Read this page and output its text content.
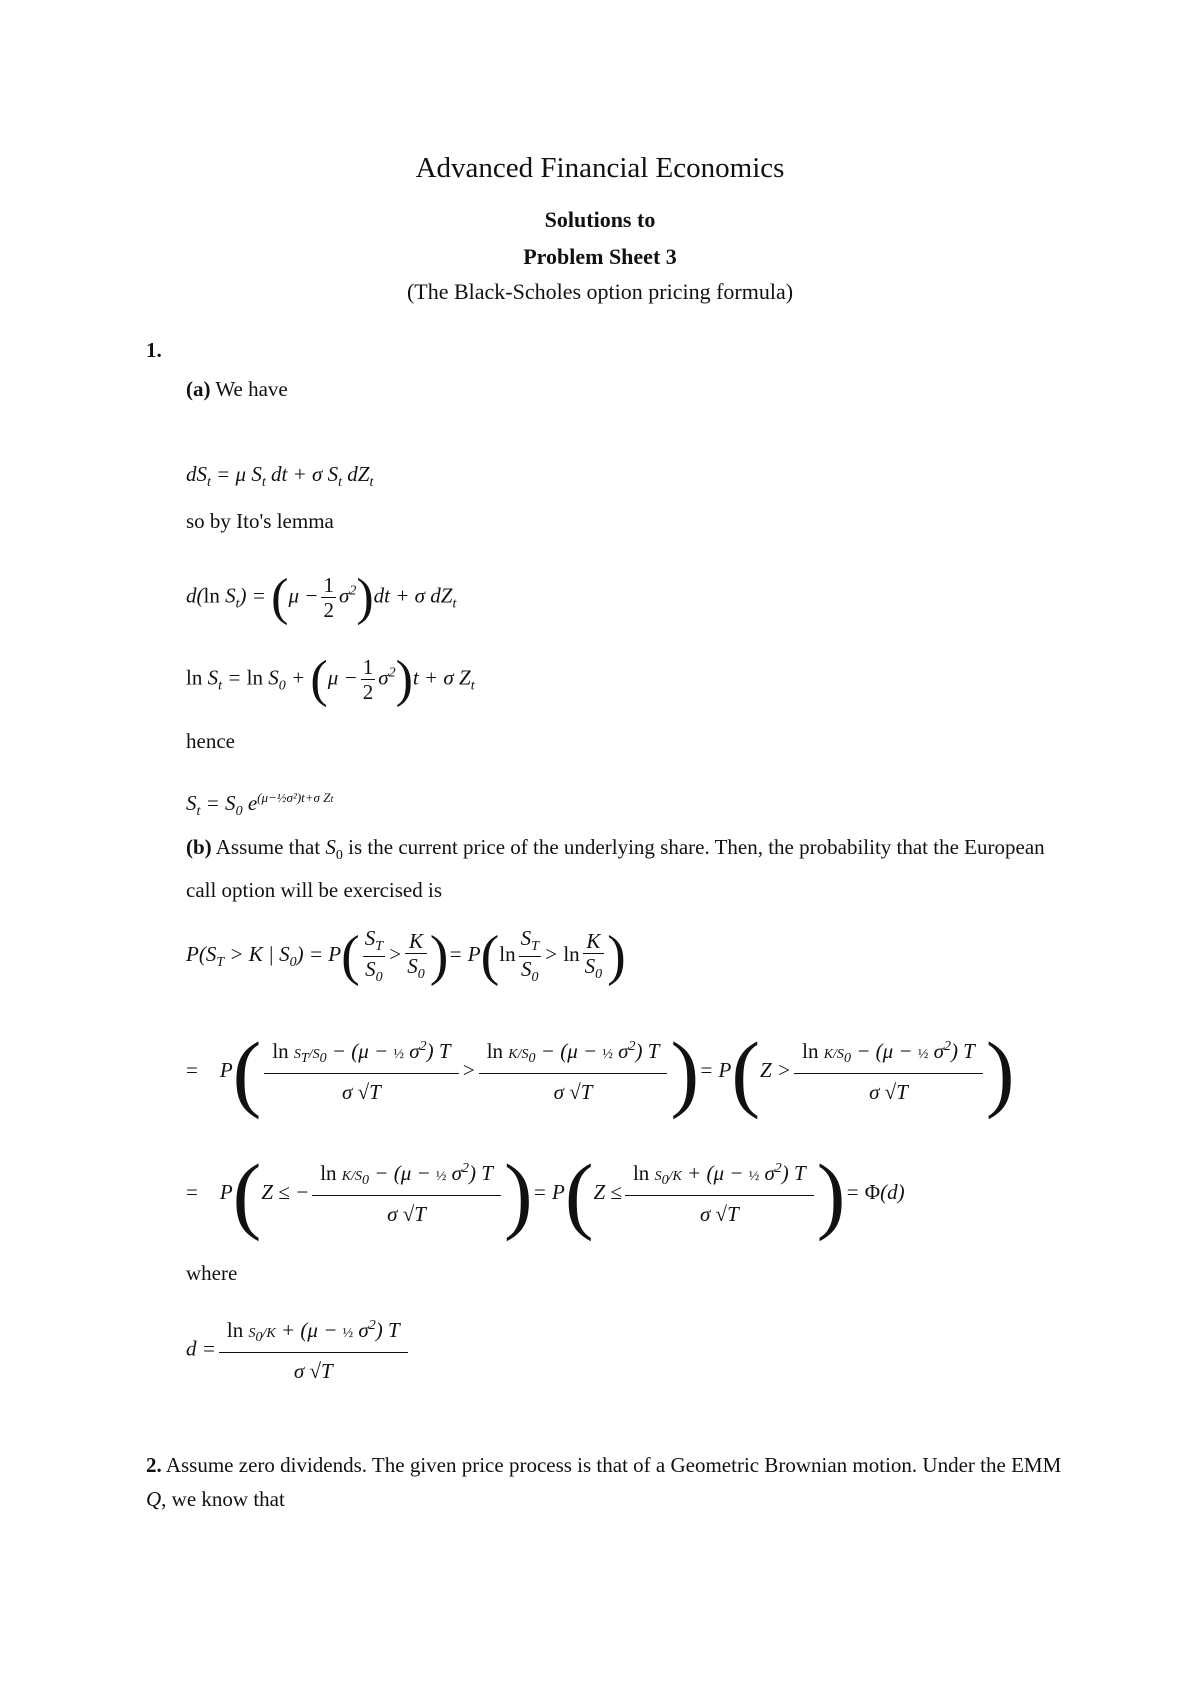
Advanced Financial Economics
Solutions to
Problem Sheet 3
(The Black-Scholes option pricing formula)
1.
(a) We have
$dS_t = \mu$ $S_t$ dt + σ $S_t$ $dZ_t$
so by Ito's lemma
d(ln $S_t) = (\mu - \frac{1}{2} \sigma^2)dt + \sigma$ $dZ_t$
$\ln S_t = \ln S_0 + (\mu - \frac{1}{2} \sigma^2)t + \sigma$ $Z_t$
hence
$S_t = S_0$ $e^{(\mu-\frac{1}{2}\sigma^2)t+\sigma Zt}$
(b) Assume that $S_0$ is the current price of the underlying share. Then, the probability that the European call option will be exercised is
$P(S_T > K$ | $S_0) = P( \frac{S_T}{S_0} > \frac{K}{S_0}$ )= $P(\ln \frac{S_T}{S_0} > \ln \frac{K}{S_0}$ )
= $P( \frac{\ln S_T/S_0 - (\mu - \frac{1}{2} \sigma^2) T}{\sigma √T} > \frac{\ln K/S_0 - (\mu - \frac{1}{2} \sigma^2) T}{\sigma √T}$ )= $P(Z > \frac{\ln K/S_0 - (\mu - \frac{1}{2} \sigma^2) T}{\sigma √T}$ )
= P(Z ≤ − $\frac{\ln K/S_0 - (\mu - \frac{1}{2} \sigma^2) T}{\sigma √T}$ )= $P(Z \le \frac{\ln S_0/K + (\mu - \frac{1}{2} \sigma^2) T}{\sigma √T}$ )= Φ(d)
where
$d = \frac{\ln S_0/K + (\mu - \frac{1}{2} \sigma^2) T}{\sigma √T}$
2. Assume zero dividends. The given price process is that of a Geometric Brownian motion. Under the EMM Q, we know that
